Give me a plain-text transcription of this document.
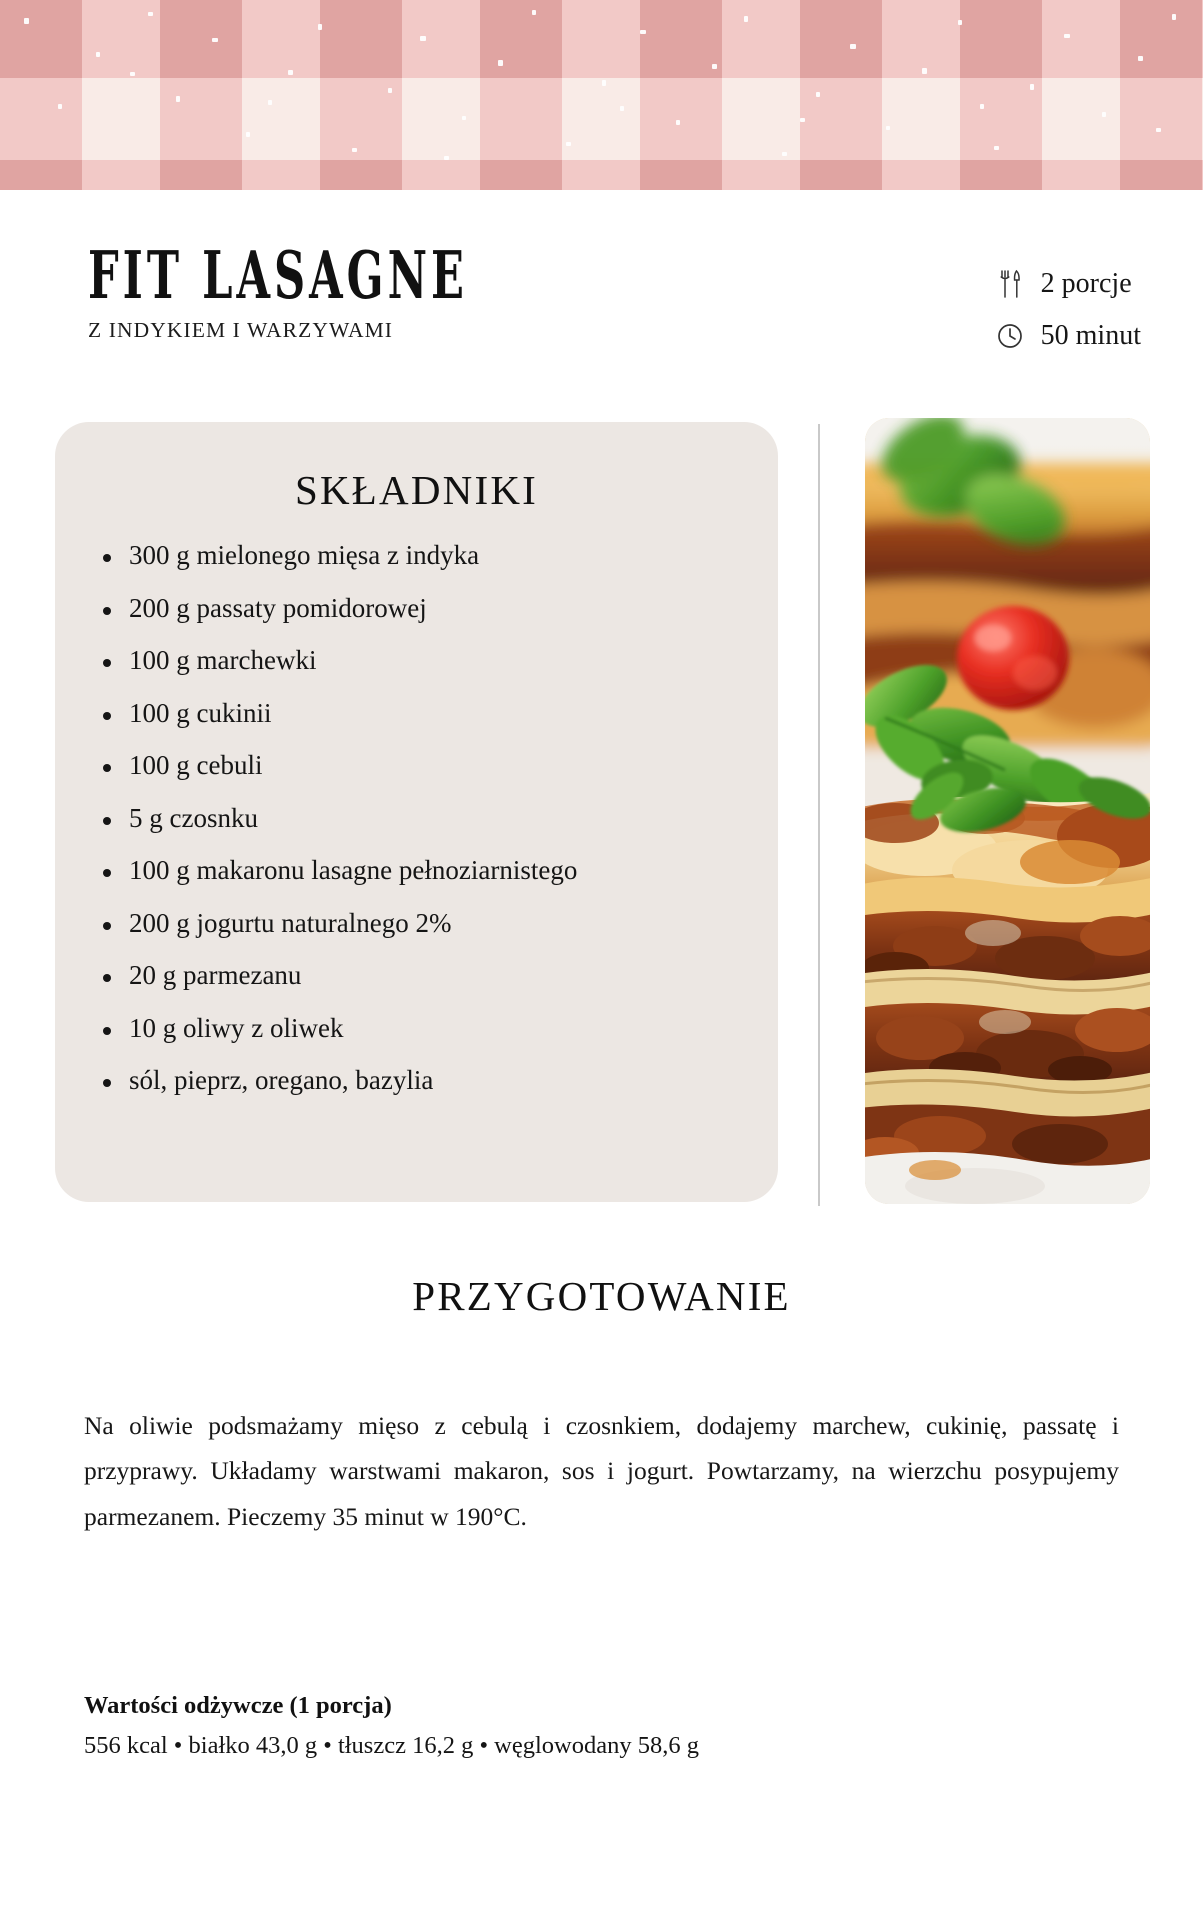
FIT LASAGNE
Z INDYKIEM I WARZYWAMI
2 porcje
50 minut
SKŁADNIKI
300 g mielonego mięsa z indyka
200 g passaty pomidorowej
100 g marchewki
100 g cukinii
100 g cebuli
5 g czosnku
100 g makaronu lasagne pełnoziarnistego
200 g jogurtu naturalnego 2%
20 g parmezanu
10 g oliwy z oliwek
sól, pieprz, oregano, bazylia
PRZYGOTOWANIE
Na oliwie podsmażamy mięso z cebulą i czosnkiem, dodajemy marchew, cukinię, passatę i przyprawy. Układamy warstwami makaron, sos i jogurt. Powtarzamy, na wierzchu posypujemy parmezanem. Pieczemy 35 minut w 190°C.
Wartości odżywcze (1 porcja)
556 kcal • białko 43,0 g • tłuszcz 16,2 g • węglowodany 58,6 g
